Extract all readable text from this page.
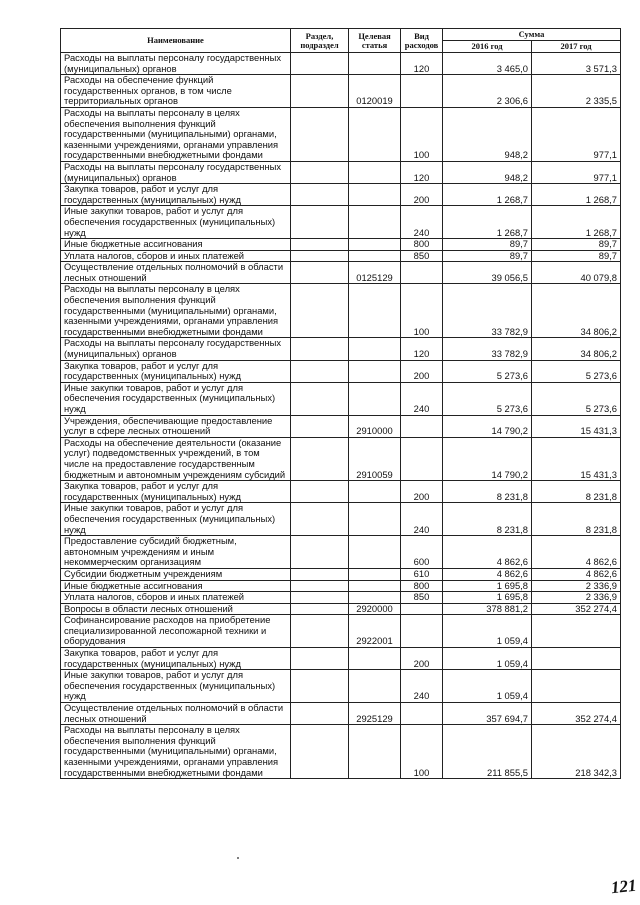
Наименование	Раздел, подраздел	Целевая статья	Вид расходов	Сумма	
				2016 год	2017 год
Расходы на выплаты персоналу государственных (муниципальных) органов			120	3 465,0	3 571,3
Расходы на обеспечение функций государственных органов, в том числе территориальных органов		0120019		2 306,6	2 335,5
Расходы на выплаты персоналу в целях обеспечения выполнения функций государственными (муниципальными) органами, казенными учреждениями, органами управления государственными внебюджетными фондами			100	948,2	977,1
Расходы на выплаты персоналу государственных (муниципальных) органов			120	948,2	977,1
Закупка товаров, работ и услуг для государственных (муниципальных) нужд			200	1 268,7	1 268,7
Иные закупки товаров, работ и услуг для обеспечения государственных (муниципальных) нужд			240	1 268,7	1 268,7
Иные бюджетные ассигнования			800	89,7	89,7
Уплата налогов, сборов и иных платежей			850	89,7	89,7
Осуществление отдельных полномочий в области лесных отношений		0125129		39 056,5	40 079,8
Расходы на выплаты персоналу в целях обеспечения выполнения функций государственными (муниципальными) органами, казенными учреждениями, органами управления государственными внебюджетными фондами			100	33 782,9	34 806,2
Расходы на выплаты персоналу государственных (муниципальных) органов			120	33 782,9	34 806,2
Закупка товаров, работ и услуг для государственных (муниципальных) нужд			200	5 273,6	5 273,6
Иные закупки товаров, работ и услуг для обеспечения государственных (муниципальных) нужд			240	5 273,6	5 273,6
Учреждения, обеспечивающие предоставление услуг в сфере лесных отношений		2910000		14 790,2	15 431,3
Расходы на обеспечение деятельности (оказание услуг) подведомственных учреждений, в том числе на предоставление государственным бюджетным и автономным учреждениям субсидий		2910059		14 790,2	15 431,3
Закупка товаров, работ и услуг для государственных (муниципальных) нужд			200	8 231,8	8 231,8
Иные закупки товаров, работ и услуг для обеспечения государственных (муниципальных) нужд			240	8 231,8	8 231,8
Предоставление субсидий бюджетным, автономным учреждениям и иным некоммерческим организациям			600	4 862,6	4 862,6
Субсидии бюджетным учреждениям			610	4 862,6	4 862,6
Иные бюджетные ассигнования			800	1 695,8	2 336,9
Уплата налогов, сборов и иных платежей			850	1 695,8	2 336,9
Вопросы в области лесных отношений		2920000		378 881,2	352 274,4
Софинансирование расходов на приобретение специализированной лесопожарной техники и оборудования		2922001		1 059,4	
Закупка товаров, работ и услуг для государственных (муниципальных) нужд			200	1 059,4	
Иные закупки товаров, работ и услуг для обеспечения государственных (муниципальных) нужд			240	1 059,4	
Осуществление отдельных полномочий в области лесных отношений		2925129		357 694,7	352 274,4
Расходы на выплаты персоналу в целях обеспечения выполнения функций государственными (муниципальными) органами, казенными учреждениями, органами управления государственными внебюджетными фондами			100	211 855,5	218 342,3
121
